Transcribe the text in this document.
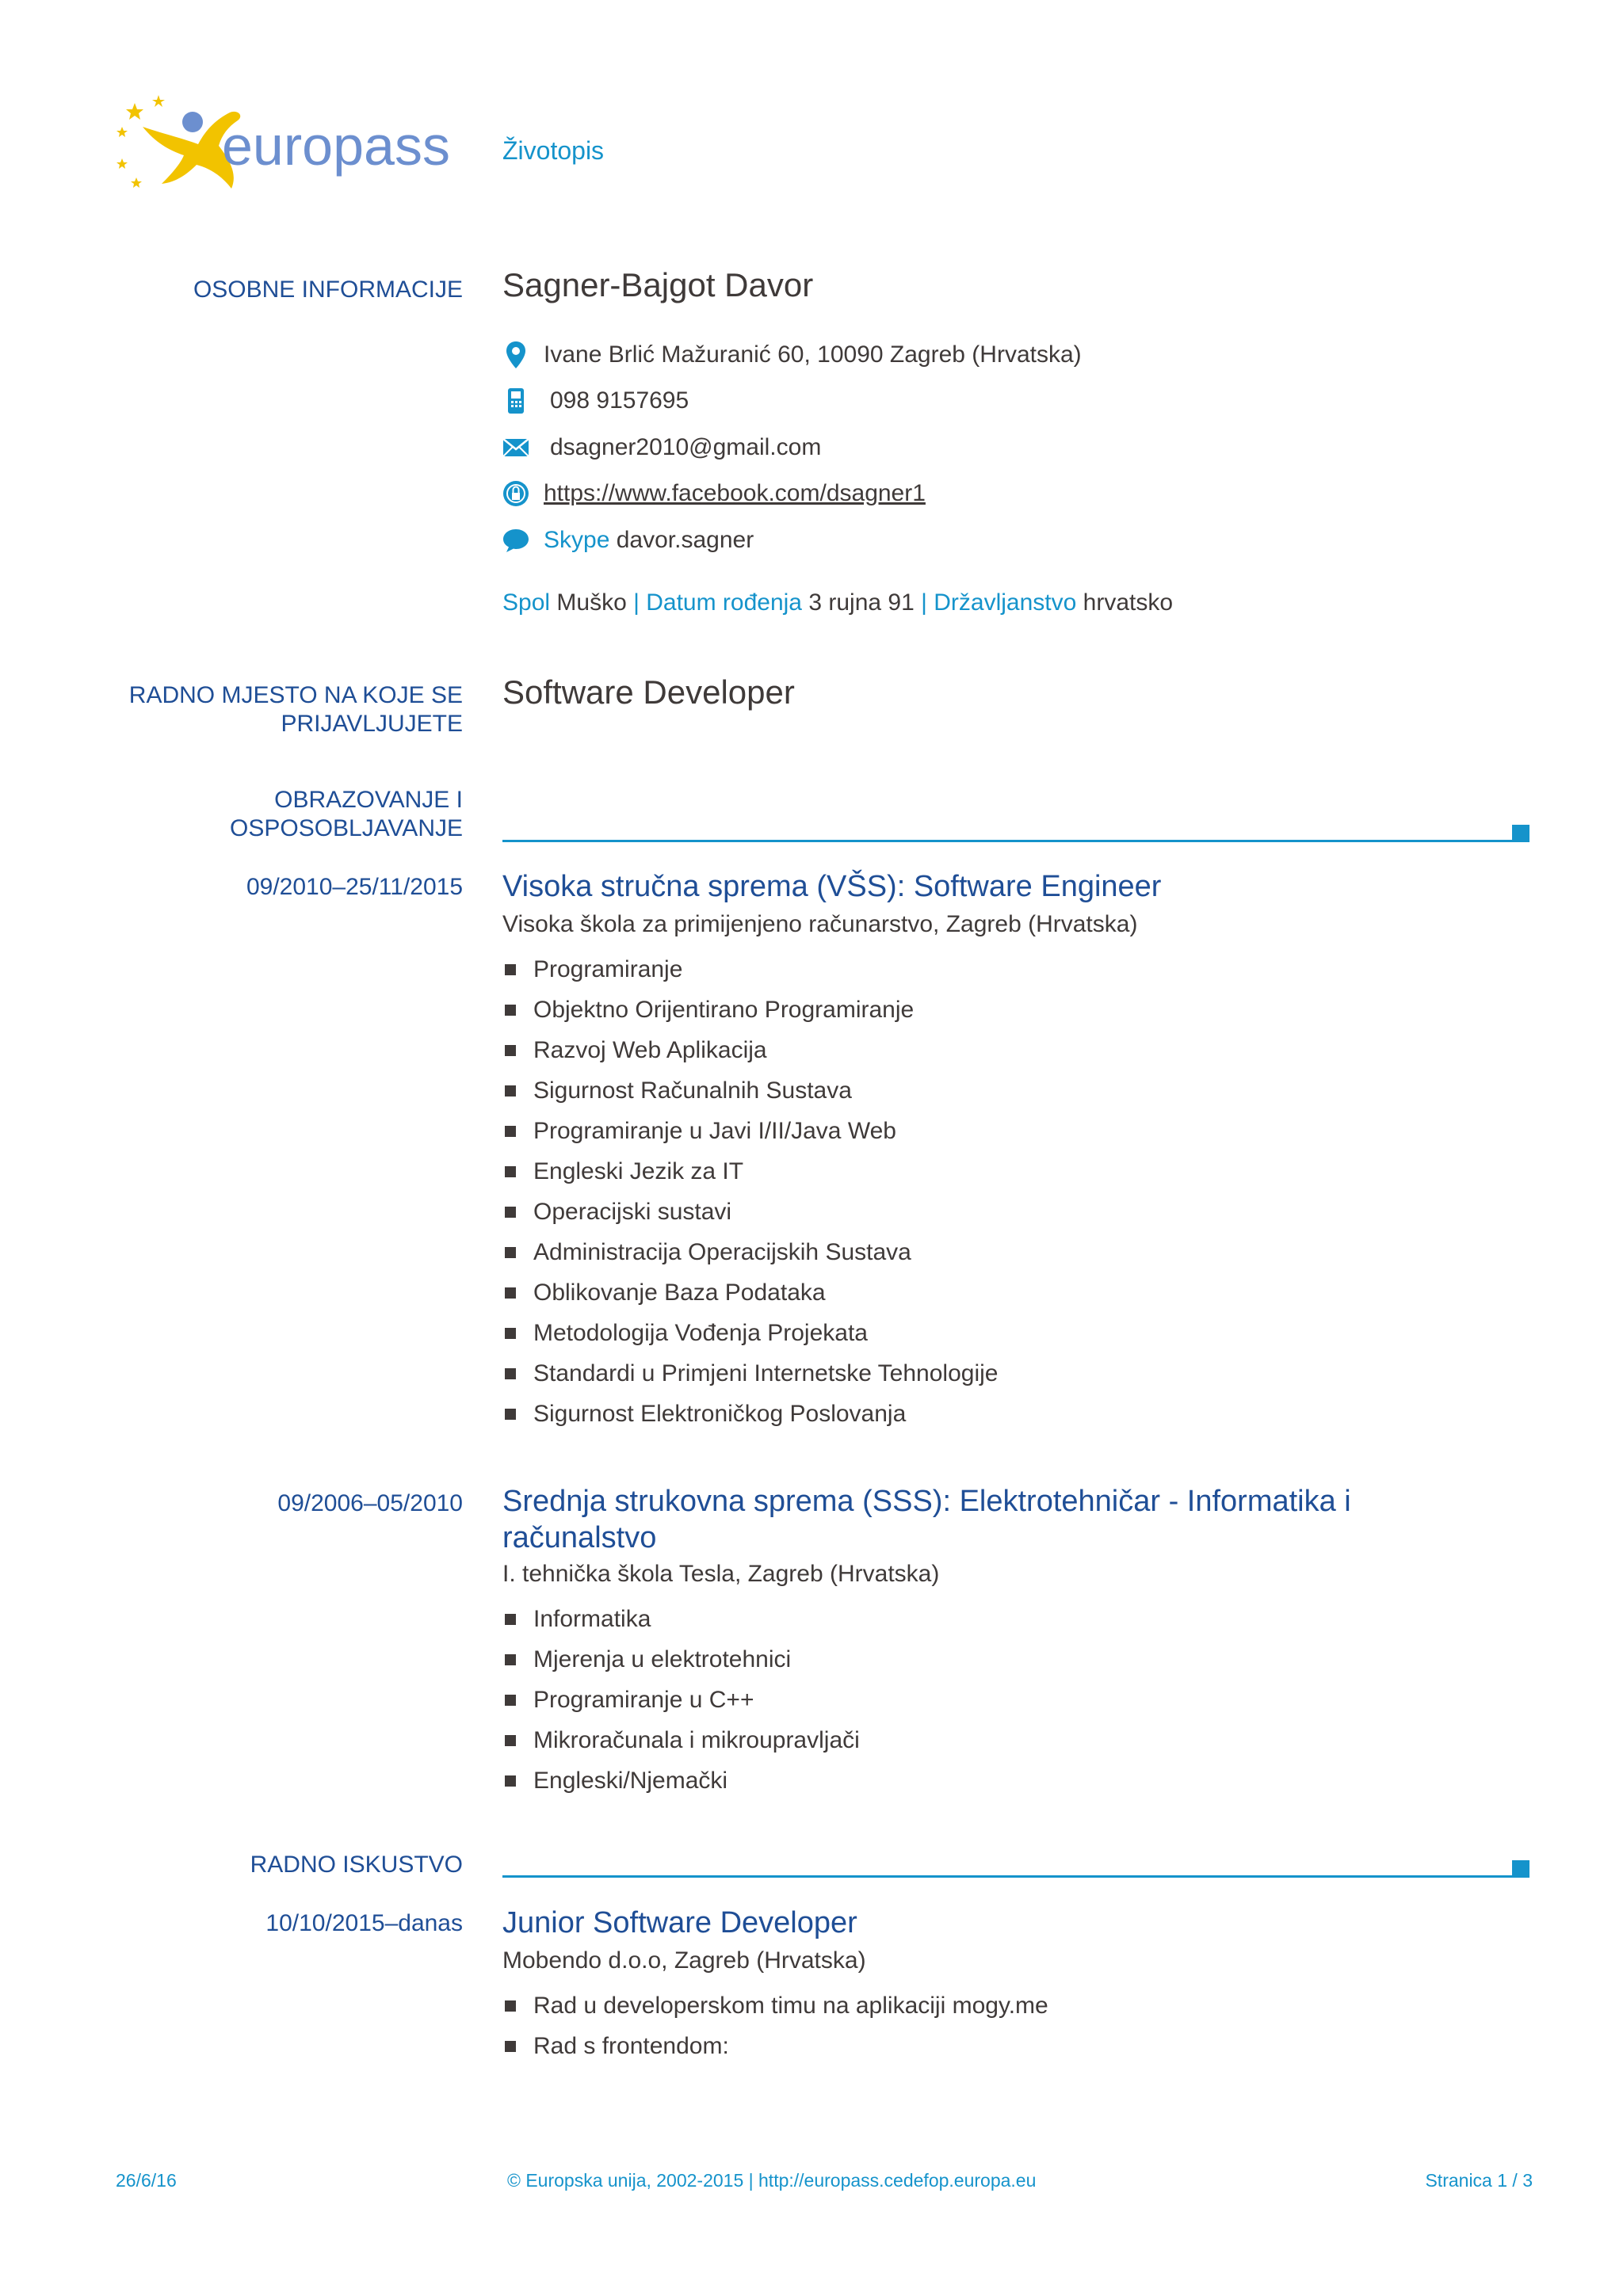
europass Životopis
OSOBNE INFORMACIJE Sagner-Bajgot Davor
Ivane Brlić Mažuranić 60, 10090 Zagreb (Hrvatska)
098 9157695
dsagner2010@gmail.com
https://www.facebook.com/dsagner1
Skype
davor.sagner
Spol Muško | Datum rođenja 3 rujna 91 | Državljanstvo hrvatsko
RADNO MJESTO NA KOJE SE
PRIJAVLJUJETE
Software Developer
OBRAZOVANJE I
OSPOSOBLJAVANJE
09/2010–25/11/2015 Visoka stručna sprema (VŠS): Software Engineer
Visoka škola za primijenjeno računarstvo, Zagreb (Hrvatska)
Programiranje
Objektno Orijentirano Programiranje
Razvoj Web Aplikacija
Sigurnost Računalnih Sustava
Programiranje u Javi I/II/Java Web
Engleski Jezik za IT
Operacijski sustavi
Administracija Operacijskih Sustava
Oblikovanje Baza Podataka
Metodologija Vođenja Projekata
Standardi u Primjeni Internetske Tehnologije
Sigurnost Elektroničkog Poslovanja
09/2006–05/2010 Srednja strukovna sprema (SSS): Elektrotehničar - Informatika i
računalstvo
I. tehnička škola Tesla, Zagreb (Hrvatska)
Informatika
Mjerenja u elektrotehnici
Programiranje u C++
Mikroračunala i mikroupravljači
Engleski/Njemački
RADNO ISKUSTVO
10/10/2015–danas Junior Software Developer
Mobendo d.o.o, Zagreb (Hrvatska)
Rad u developerskom timu na aplikaciji mogy.me
Rad s frontendom:
26/6/16	© Europska unija, 2002-2015 | http://europass.cedefop.europa.eu	Stranica 1 / 3
